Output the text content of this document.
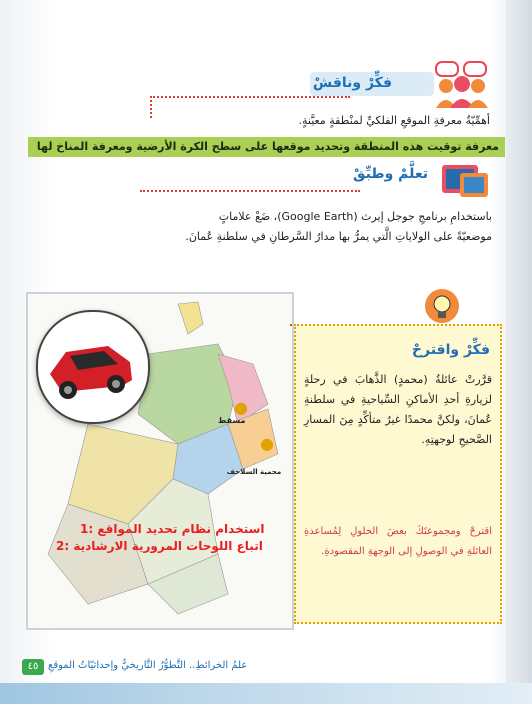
فكِّرْ وناقشْ
أهمِّيّةُ معرفةِ الموقعِ الفلكيِّ لمنْطقةٍ معيَّنةٍ.
معرفة توقيت هذه المنطقة وتحديد موقعها على سطح الكرة الأرضية ومعرفة المناخ لها
تعلَّمْ وطبِّقْ
باستخدامِ برنامجِ جوجل إيرث (Google Earth)، ضَعْ علاماتٍ
موضعيّةً على الولاياتِ الَّتي يمرُّ بها مدارُ السَّرطانِ في سلطنةِ عُمانَ.
●
●
مسقط
محمية السلاحف
1: استخدام نظام تحديد المواقع
2: اتباع اللوحات المرورية الارشادية
فكِّرْ واقترحْ
قرَّرتْ عائلةُ (محمدٍ) الذَّهابَ في رحلةٍ لزيارةِ أحدِ الأماكنِ السِّياحيةِ في سلطنةِ عُمانَ، ولكنَّ محمدًا غيرُ متأكِّدٍ مِنَ المسارِ الصَّحيحِ لوجهتِهِ.
اقترحْ ومجموعتَكَ بعضَ الحلولِ لِمُساعدةِ العائلةِ في الوصولِ إلى الوجهةِ المقصودةِ.
٤٥ علمُ الخرائطِ.. التَّطوُّرُ التَّاريخيُّ وإحداثيّاتُ الموقعِ
